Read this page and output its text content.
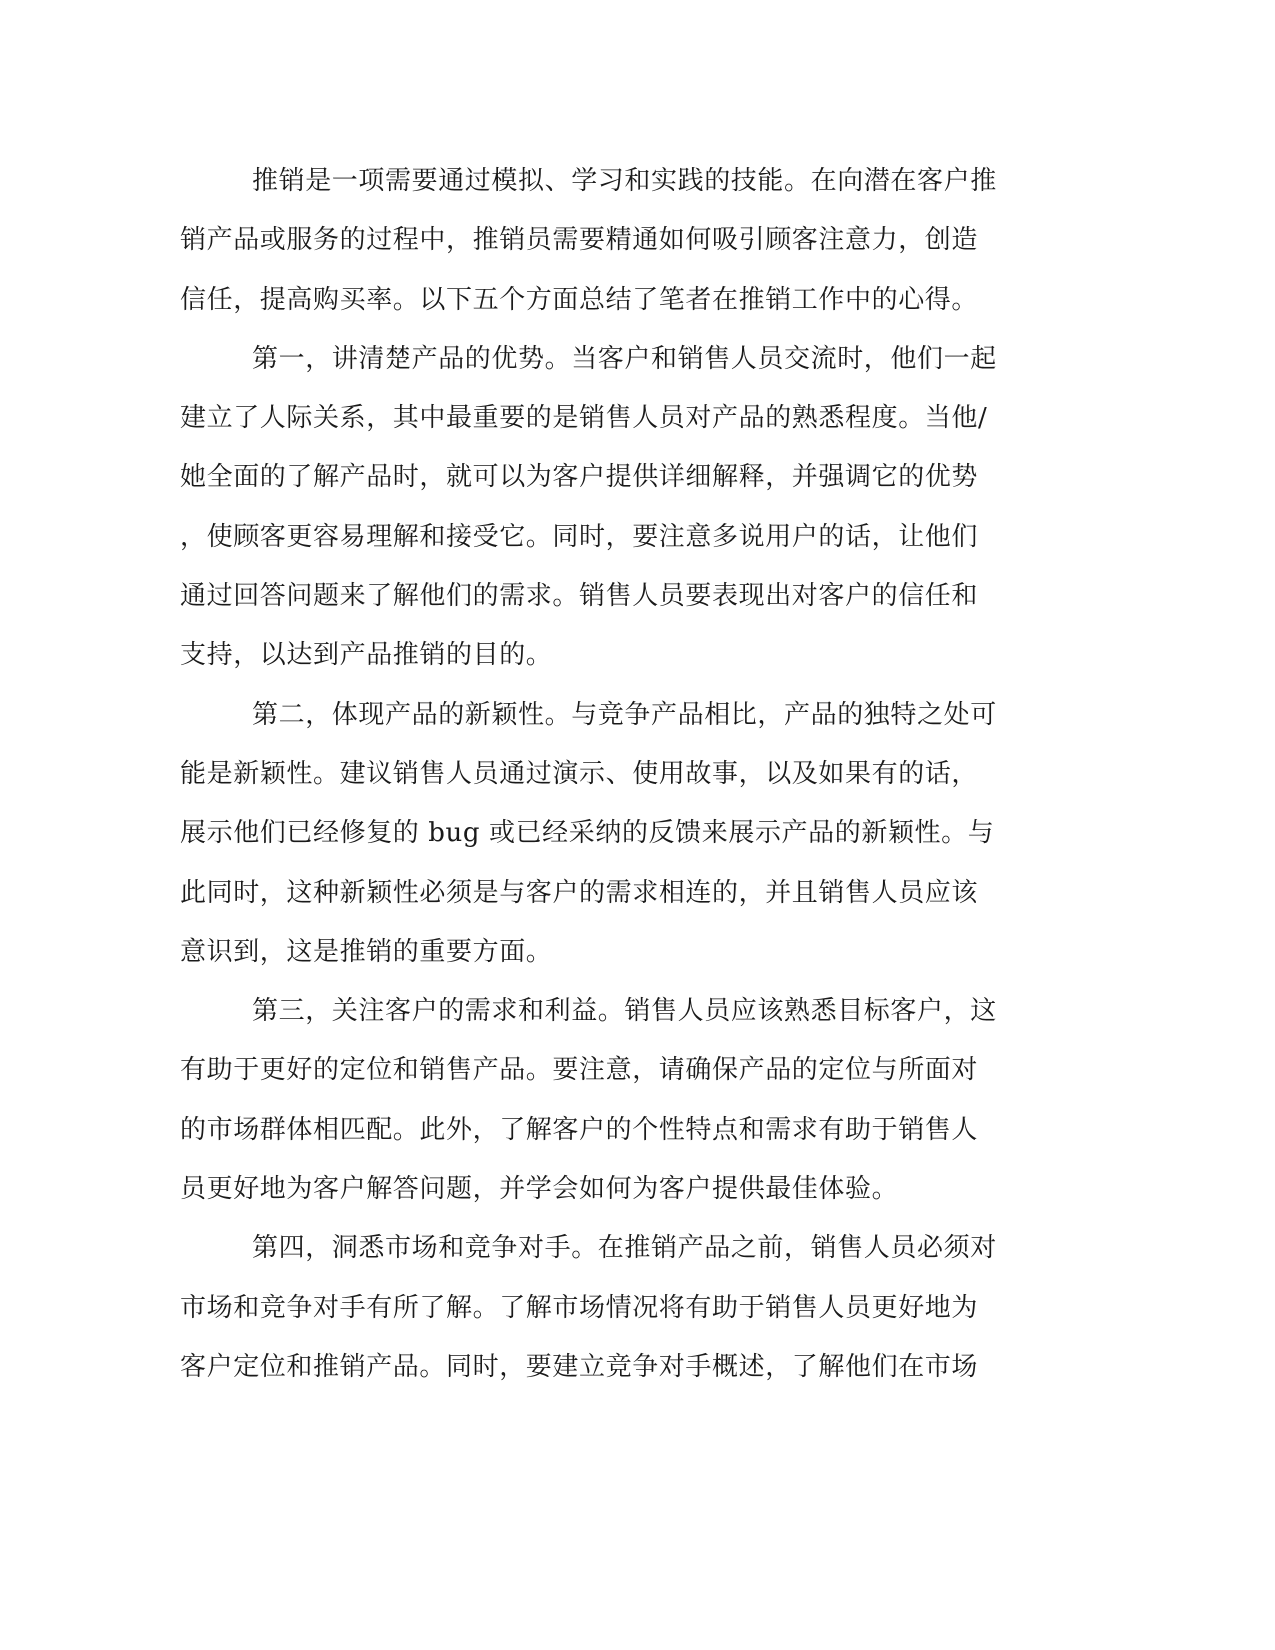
推销是一项需要通过模拟、学习和实践的技能。在向潜在客户推
销产品或服务的过程中，推销员需要精通如何吸引顾客注意力，创造
信任，提高购买率。以下五个方面总结了笔者在推销工作中的心得。
第一，讲清楚产品的优势。当客户和销售人员交流时，他们一起
建立了人际关系，其中最重要的是销售人员对产品的熟悉程度。当他/
她全面的了解产品时，就可以为客户提供详细解释，并强调它的优势
，使顾客更容易理解和接受它。同时，要注意多说用户的话，让他们
通过回答问题来了解他们的需求。销售人员要表现出对客户的信任和
支持，以达到产品推销的目的。
第二，体现产品的新颖性。与竞争产品相比，产品的独特之处可
能是新颖性。建议销售人员通过演示、使用故事，以及如果有的话，
展示他们已经修复的 bug 或已经采纳的反馈来展示产品的新颖性。与
此同时，这种新颖性必须是与客户的需求相连的，并且销售人员应该
意识到，这是推销的重要方面。
第三，关注客户的需求和利益。销售人员应该熟悉目标客户，这
有助于更好的定位和销售产品。要注意，请确保产品的定位与所面对
的市场群体相匹配。此外，了解客户的个性特点和需求有助于销售人
员更好地为客户解答问题，并学会如何为客户提供最佳体验。
第四，洞悉市场和竞争对手。在推销产品之前，销售人员必须对
市场和竞争对手有所了解。了解市场情况将有助于销售人员更好地为
客户定位和推销产品。同时，要建立竞争对手概述，了解他们在市场
